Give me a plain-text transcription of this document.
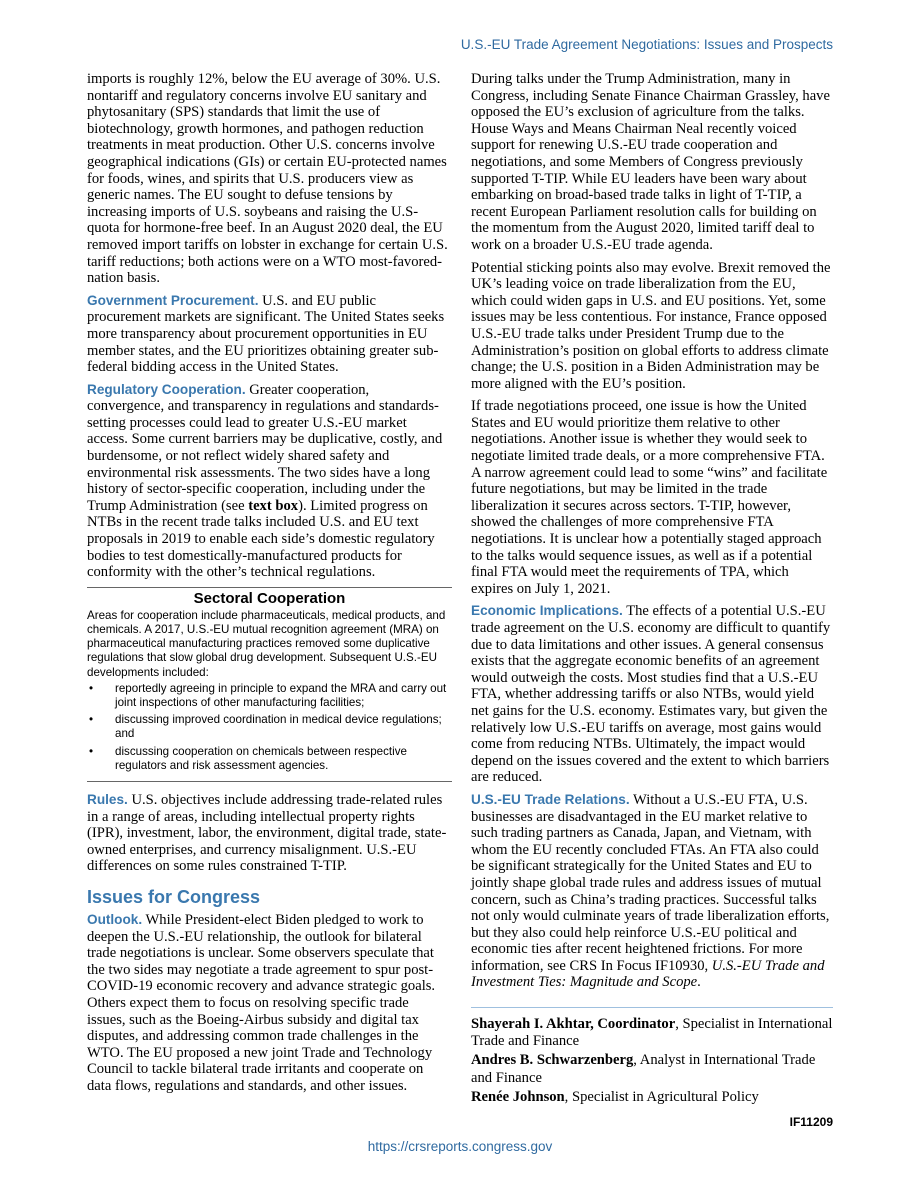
U.S.-EU Trade Agreement Negotiations: Issues and Prospects

imports is roughly 12%, below the EU average of 30%. U.S. nontariff and regulatory concerns involve EU sanitary and phytosanitary (SPS) standards that limit the use of biotechnology, growth hormones, and pathogen reduction treatments in meat production. Other U.S. concerns involve geographical indications (GIs) or certain EU-protected names for foods, wines, and spirits that U.S. producers view as generic names. The EU sought to defuse tensions by increasing imports of U.S. soybeans and raising the U.S-quota for hormone-free beef. In an August 2020 deal, the EU removed import tariffs on lobster in exchange for certain U.S. tariff reductions; both actions were on a WTO most-favored-nation basis.

Government Procurement. U.S. and EU public procurement markets are significant. The United States seeks more transparency about procurement opportunities in EU member states, and the EU prioritizes obtaining greater sub-federal bidding access in the United States.

Regulatory Cooperation. Greater cooperation, convergence, and transparency in regulations and standards-setting processes could lead to greater U.S.-EU market access. Some current barriers may be duplicative, costly, and burdensome, or not reflect widely shared safety and environmental risk assessments. The two sides have a long history of sector-specific cooperation, including under the Trump Administration (see text box). Limited progress on NTBs in the recent trade talks included U.S. and EU text proposals in 2019 to enable each side’s domestic regulatory bodies to test domestically-manufactured products for conformity with the other’s technical regulations.

Sectoral Cooperation

Areas for cooperation include pharmaceuticals, medical products, and chemicals. A 2017, U.S.-EU mutual recognition agreement (MRA) on pharmaceutical manufacturing practices removed some duplicative regulations that slow global drug development. Subsequent U.S.-EU developments included:

• reportedly agreeing in principle to expand the MRA and carry out joint inspections of other manufacturing facilities;
• discussing improved coordination in medical device regulations; and
• discussing cooperation on chemicals between respective regulators and risk assessment agencies.

Rules. U.S. objectives include addressing trade-related rules in a range of areas, including intellectual property rights (IPR), investment, labor, the environment, digital trade, state-owned enterprises, and currency misalignment. U.S.-EU differences on some rules constrained T-TIP.

Issues for Congress

Outlook. While President-elect Biden pledged to work to deepen the U.S.-EU relationship, the outlook for bilateral trade negotiations is unclear. Some observers speculate that the two sides may negotiate a trade agreement to spur post-COVID-19 economic recovery and advance strategic goals. Others expect them to focus on resolving specific trade issues, such as the Boeing-Airbus subsidy and digital tax disputes, and addressing common trade challenges in the WTO. The EU proposed a new joint Trade and Technology Council to tackle bilateral trade irritants and cooperate on data flows, regulations and standards, and other issues.

During talks under the Trump Administration, many in Congress, including Senate Finance Chairman Grassley, have opposed the EU’s exclusion of agriculture from the talks. House Ways and Means Chairman Neal recently voiced support for renewing U.S.-EU trade cooperation and negotiations, and some Members of Congress previously supported T-TIP. While EU leaders have been wary about embarking on broad-based trade talks in light of T-TIP, a recent European Parliament resolution calls for building on the momentum from the August 2020, limited tariff deal to work on a broader U.S.-EU trade agenda.

Potential sticking points also may evolve. Brexit removed the UK’s leading voice on trade liberalization from the EU, which could widen gaps in U.S. and EU positions. Yet, some issues may be less contentious. For instance, France opposed U.S.-EU trade talks under President Trump due to the Administration’s position on global efforts to address climate change; the U.S. position in a Biden Administration may be more aligned with the EU’s position.

If trade negotiations proceed, one issue is how the United States and EU would prioritize them relative to other negotiations. Another issue is whether they would seek to negotiate limited trade deals, or a more comprehensive FTA. A narrow agreement could lead to some “wins” and facilitate future negotiations, but may be limited in the trade liberalization it secures across sectors. T-TIP, however, showed the challenges of more comprehensive FTA negotiations. It is unclear how a potentially staged approach to the talks would sequence issues, as well as if a potential final FTA would meet the requirements of TPA, which expires on July 1, 2021.

Economic Implications. The effects of a potential U.S.-EU trade agreement on the U.S. economy are difficult to quantify due to data limitations and other issues. A general consensus exists that the aggregate economic benefits of an agreement would outweigh the costs. Most studies find that a U.S.-EU FTA, whether addressing tariffs or also NTBs, would yield net gains for the U.S. economy. Estimates vary, but given the relatively low U.S.-EU tariffs on average, most gains would come from reducing NTBs. Ultimately, the impact would depend on the issues covered and the extent to which barriers are reduced.

U.S.-EU Trade Relations. Without a U.S.-EU FTA, U.S. businesses are disadvantaged in the EU market relative to such trading partners as Canada, Japan, and Vietnam, with whom the EU recently concluded FTAs. An FTA also could be significant strategically for the United States and EU to jointly shape global trade rules and address issues of mutual concern, such as China’s trading practices. Successful talks not only would culminate years of trade liberalization efforts, but they also could help reinforce U.S.-EU political and economic ties after recent heightened frictions. For more information, see CRS In Focus IF10930, U.S.-EU Trade and Investment Ties: Magnitude and Scope.

Shayerah I. Akhtar, Coordinator, Specialist in International Trade and Finance

Andres B. Schwarzenberg, Analyst in International Trade and Finance

Renée Johnson, Specialist in Agricultural Policy

IF11209
https://crsreports.congress.gov
